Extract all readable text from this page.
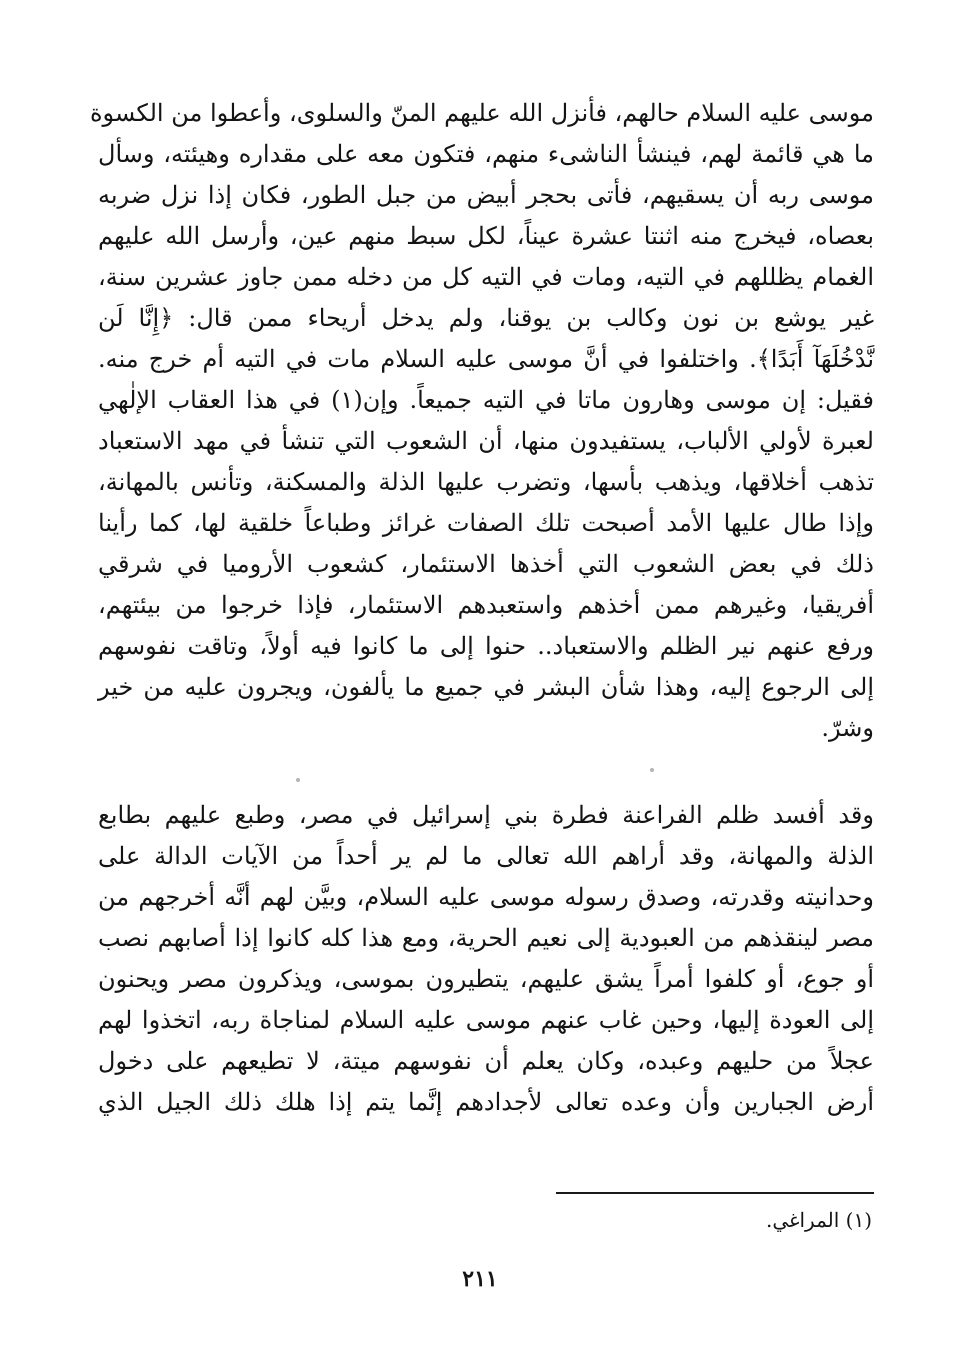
موسى عليه السلام حالهم، فأنزل الله عليهم المنّ والسلوى، وأعطوا من الكسوة

ما هي قائمة لهم، فينشأ الناشىء منهم، فتكون معه على مقداره وهيئته، وسأل

موسى ربه أن يسقيهم، فأتى بحجر أبيض من جبل الطور، فكان إذا نزل ضربه

بعصاه، فيخرج منه اثنتا عشرة عيناً، لكل سبط منهم عين، وأرسل الله عليهم

الغمام يظللهم في التيه، ومات في التيه كل من دخله ممن جاوز عشرين سنة،

غير يوشع بن نون وكالب بن يوقنا، ولم يدخل أريحاء ممن قال: ﴿إِنَّا لَن

نَّدْخُلَهَآ أَبَدًا﴾. واختلفوا في أنَّ موسى عليه السلام مات في التيه أم خرج منه.

فقيل: إن موسى وهارون ماتا في التيه جميعاً. وإن(١) في هذا العقاب الإلٰهي

لعبرة لأولي الألباب، يستفيدون منها، أن الشعوب التي تنشأ في مهد الاستعباد

تذهب أخلاقها، ويذهب بأسها، وتضرب عليها الذلة والمسكنة، وتأنس بالمهانة،

وإذا طال عليها الأمد أصبحت تلك الصفات غرائز وطباعاً خلقية لها، كما رأينا

ذلك في بعض الشعوب التي أخذها الاستئمار، كشعوب الأروميا في شرقي

أفريقيا، وغيرهم ممن أخذهم واستعبدهم الاستئمار، فإذا خرجوا من بيئتهم،

ورفع عنهم نير الظلم والاستعباد.. حنوا إلى ما كانوا فيه أولاً، وتاقت نفوسهم

إلى الرجوع إليه، وهذا شأن البشر في جميع ما يألفون، ويجرون عليه من خير

وشرّ.

وقد أفسد ظلم الفراعنة فطرة بني إسرائيل في مصر، وطبع عليهم بطابع

الذلة والمهانة، وقد أراهم الله تعالى ما لم ير أحداً من الآيات الدالة على

وحدانيته وقدرته، وصدق رسوله موسى عليه السلام، وبيَّن لهم أنَّه أخرجهم من

مصر لينقذهم من العبودية إلى نعيم الحرية، ومع هذا كله كانوا إذا أصابهم نصب

أو جوع، أو كلفوا أمراً يشق عليهم، يتطيرون بموسى، ويذكرون مصر ويحنون

إلى العودة إليها، وحين غاب عنهم موسى عليه السلام لمناجاة ربه، اتخذوا لهم

عجلاً من حليهم وعبده، وكان يعلم أن نفوسهم ميتة، لا تطيعهم على دخول

أرض الجبارين وأن وعده تعالى لأجدادهم إنَّما يتم إذا هلك ذلك الجيل الذي

(١) المراغي.
٢١١
